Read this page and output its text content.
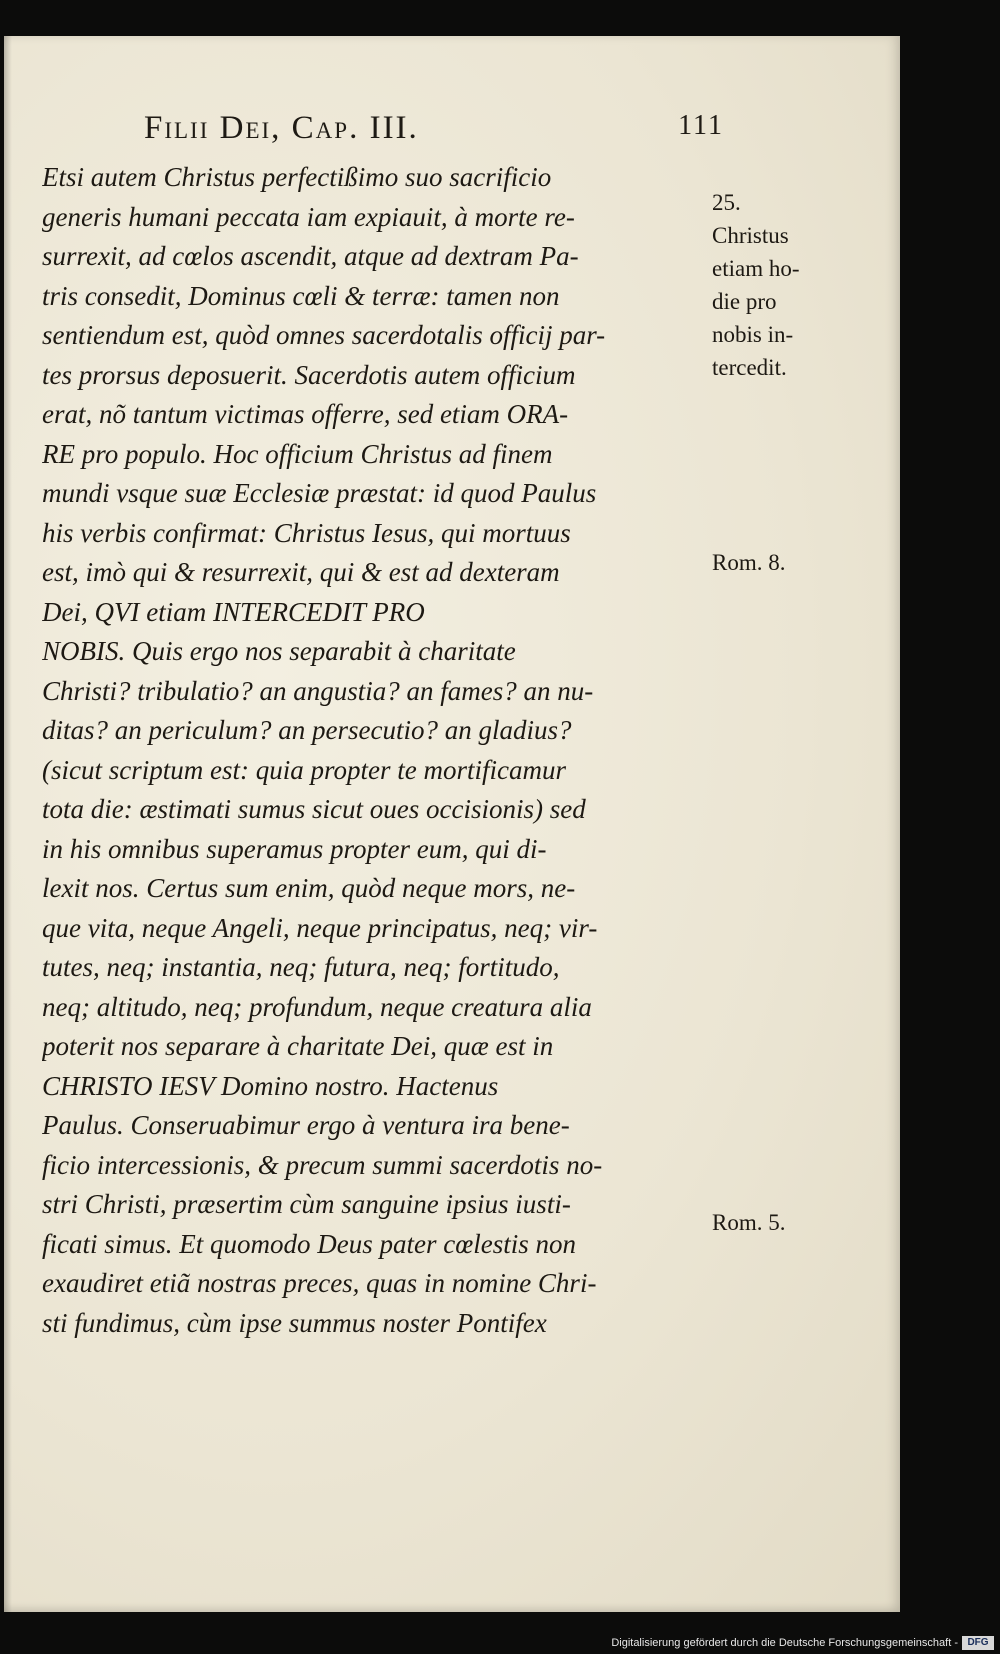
Filii Dei, Cap. III.	111
Etsi autem Christus perfectißimo suo sacrificio
generis humani peccata iam expiauit, à morte re-
surrexit, ad cœlos ascendit, atque ad dextram Pa-
tris consedit, Dominus cœli & terræ: tamen non
sentiendum est, quòd omnes sacerdotalis officij par-
tes prorsus deposuerit. Sacerdotis autem officium
erat, nõ tantum victimas offerre, sed etiam ORA-
RE pro populo. Hoc officium Christus ad finem
mundi vsque suæ Ecclesiæ præstat: id quod Paulus
his verbis confirmat: Christus Iesus, qui mortuus
est, imò qui & resurrexit, qui & est ad dexteram
Dei, QVI etiam INTERCEDIT PRO
NOBIS. Quis ergo nos separabit à charitate
Christi? tribulatio? an angustia? an fames? an nu-
ditas? an periculum? an persecutio? an gladius?
(sicut scriptum est: quia propter te mortificamur
tota die: æstimati sumus sicut oues occisionis) sed
in his omnibus superamus propter eum, qui di-
lexit nos. Certus sum enim, quòd neque mors, ne-
que vita, neque Angeli, neque principatus, neq; vir-
tutes, neq; instantia, neq; futura, neq; fortitudo,
neq; altitudo, neq; profundum, neque creatura alia
poterit nos separare à charitate Dei, quæ est in
CHRISTO IESV Domino nostro. Hactenus
Paulus. Conseruabimur ergo à ventura ira bene-
ficio intercessionis, & precum summi sacerdotis no-
stri Christi, præsertim cùm sanguine ipsius iusti-
ficati simus. Et quomodo Deus pater cœlestis non
exaudiret etiã nostras preces, quas in nomine Chri-
sti fundimus, cùm ipse summus noster Pontifex
25.
Christus
etiam ho-
die pro
nobis in-
tercedit.
Rom. 8.
Rom. 5.
Digitalisierung gefördert durch die Deutsche Forschungsgemeinschaft - DFG
